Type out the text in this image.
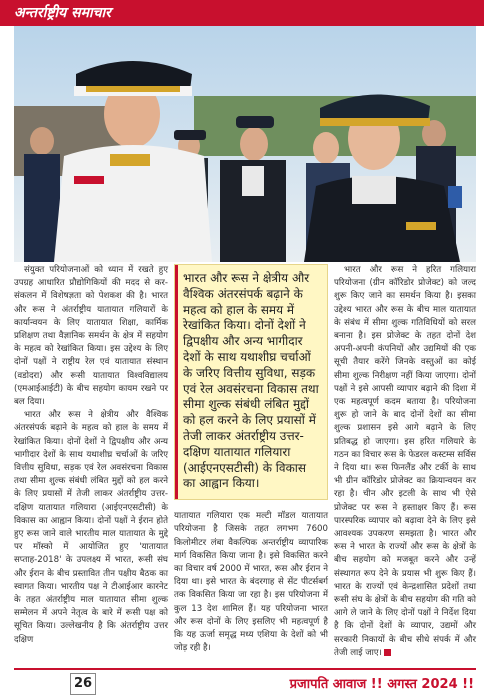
अन्तर्राष्ट्रीय समाचार

संयुक्त परियोजनाओं को ध्यान में रखते हुए उपग्रह आधारित प्रौद्योगिकियों की मदद से कर-संकलन में विशेषज्ञता को पेशकश की है। भारत और रूस ने अंतर्राष्ट्रीय यातायात गलियारों के कार्यान्वयन के लिए यातायात शिक्षा, कार्मिक प्रशिक्षण तथा वैज्ञानिक समर्थन के क्षेत्र में सहयोग के महत्व को रेखांकित किया। इस उद्देश्य के लिए दोनों पक्षों ने राष्ट्रीय रेल एवं यातायात संस्थान (वडोदरा) और रूसी यातायात विश्वविद्यालय (एमआईआईटी) के बीच सहयोग कायम रखने पर बल दिया।

भारत और रूस ने क्षेत्रीय और वैश्विक अंतरसंपर्क बढ़ाने के महत्व को हाल के समय में रेखांकित किया। दोनों देशों ने द्विपक्षीय और अन्य भागीदार देशों के साथ यथाशीघ्र चर्चाओं के जरिए वित्तीय सुविधा, सड़क एवं रेल अवसंरचना विकास तथा सीमा शुल्क संबंधी लंबित मुद्दों को हल करने के लिए प्रयासों में तेजी लाकर अंतर्राष्ट्रीय उत्तर-दक्षिण यातायात गलियारा (आईएनएसटीसी) के विकास का आह्वान किया। दोनों पक्षों ने ईरान होते हुए रूस जाने वाले भारतीय माल यातायात के मुद्दे पर मॉस्को में आयोजित हुए 'यातायात सप्ताह-2018' के उपलक्ष्य में भारत, रूसी संघ और ईरान के बीच प्रस्तावित तीन पक्षीय बैठक का स्वागत किया। भारतीय पक्ष ने टीआईआर कारनेट के तहत अंतर्राष्ट्रीय माल यातायात सीमा शुल्क सम्मेलन में अपने नेतृत्व के बारे में रूसी पक्ष को सूचित किया। उल्लेखनीय है कि अंतर्राष्ट्रीय उत्तर दक्षिण

भारत और रूस ने क्षेत्रीय और वैश्विक अंतरसंपर्क बढ़ाने के महत्व को हाल के समय में रेखांकित किया। दोनों देशों ने द्विपक्षीय और अन्य भागीदार देशों के साथ यथाशीघ्र चर्चाओं के जरिए वित्तीय सुविधा, सड़क एवं रेल अवसंरचना विकास तथा सीमा शुल्क संबंधी लंबित मुद्दों को हल करने के लिए प्रयासों में तेजी लाकर अंतर्राष्ट्रीय उत्तर-दक्षिण यातायात गलियारा (आईएनएसटीसी) के विकास का आह्वान किया।

यातायात गलियारा एक मल्टी मॉडल यातायात परियोजना है जिसके तहत लगभग 7600 किलोमीटर लंबा वैकल्पिक अन्तर्राष्ट्रीय व्यापारिक मार्ग विकसित किया जाना है। इसे विकसित करने का विचार वर्ष 2000 में भारत, रूस और ईरान ने दिया था। इसे भारत के बंदरगाह से सेंट पीटर्सबर्ग तक विकसित किया जा रहा है। इस परियोजना में कुल 13 देश शामिल हैं। यह परियोजना भारत और रूस दोनों के लिए इसलिए भी महत्वपूर्ण है कि यह ऊर्जा समृद्ध मध्य एशिया के देशों को भी जोड़ रही है।

भारत और रूस ने हरित गलियारा परियोजना (ग्रीन कॉरिडोर प्रोजेक्ट) को जल्द शुरू किए जाने का समर्थन किया है। इसका उद्देश्य भारत और रूस के बीच माल यातायात के संबंध में सीमा शुल्क गतिविधियों को सरल बनाना है। इस प्रोजेक्ट के तहत दोनों देश अपनी-अपनी कंपनियों और उद्यमियों की एक सूची तैयार करेंगे जिनके वस्तुओं का कोई सीमा शुल्क निरीक्षण नहीं किया जाएगा। दोनों पक्षों ने इसे आपसी व्यापार बढ़ाने की दिशा में एक महत्वपूर्ण कदम बताया है। परियोजना शुरू हो जाने के बाद दोनों देशों का सीमा शुल्क प्रशासन इसे आगे बढ़ाने के लिए प्रतिबद्ध हो जाएगा। इस हरित गलियारे के गठन का विचार रूस के फेडरल कस्टम्स सर्विस ने दिया था। रूस फिनलैंड और टर्की के साथ भी ग्रीन कॉरिडोर प्रोजेक्ट का क्रियान्वयन कर रहा है। चीन और इटली के साथ भी ऐसे प्रोजेक्ट पर रूस ने हस्ताक्षर किए हैं। रूस पारस्परिक व्यापार को बढ़ावा देने के लिए इसे आवश्यक उपकरण समझता है। भारत और रूस ने भारत के राज्यों और रूस के क्षेत्रों के बीच सहयोग को मजबूत करने और उन्हें संस्थागत रूप देने के प्रयास भी शुरू किए हैं। भारत के राज्यों एवं केन्द्रशासित प्रदेशों तथा रूसी संघ के क्षेत्रों के बीच सहयोग की गति को आगे ले जाने के लिए दोनों पक्षों ने निर्देश दिया है कि दोनों देशों के व्यापार, उद्यमों और सरकारी निकायों के बीच सीधे संपर्क में और तेजी लाई जाए।

26	प्रजापति आवाज !! अगस्त 2024 !!
